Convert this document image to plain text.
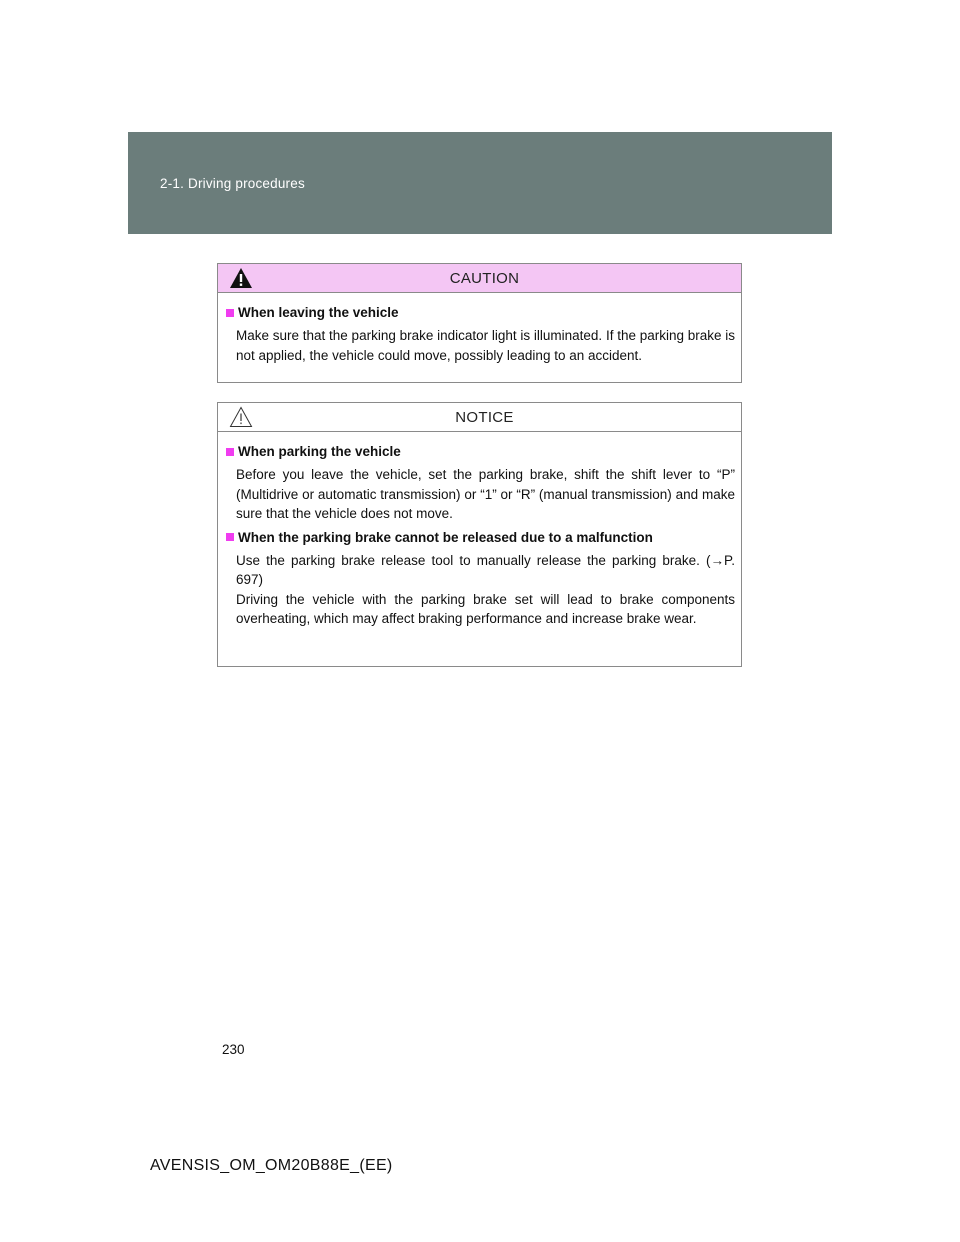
2-1. Driving procedures
CAUTION
When leaving the vehicle
Make sure that the parking brake indicator light is illuminated. If the parking brake is not applied, the vehicle could move, possibly leading to an accident.
NOTICE
When parking the vehicle
Before you leave the vehicle, set the parking brake, shift the shift lever to “P” (Multidrive or automatic transmission) or “1” or “R” (manual transmission) and make sure that the vehicle does not move.
When the parking brake cannot be released due to a malfunction
Use the parking brake release tool to manually release the parking brake. (→P. 697)
Driving the vehicle with the parking brake set will lead to brake components overheating, which may affect braking performance and increase brake wear.
230
AVENSIS_OM_OM20B88E_(EE)
